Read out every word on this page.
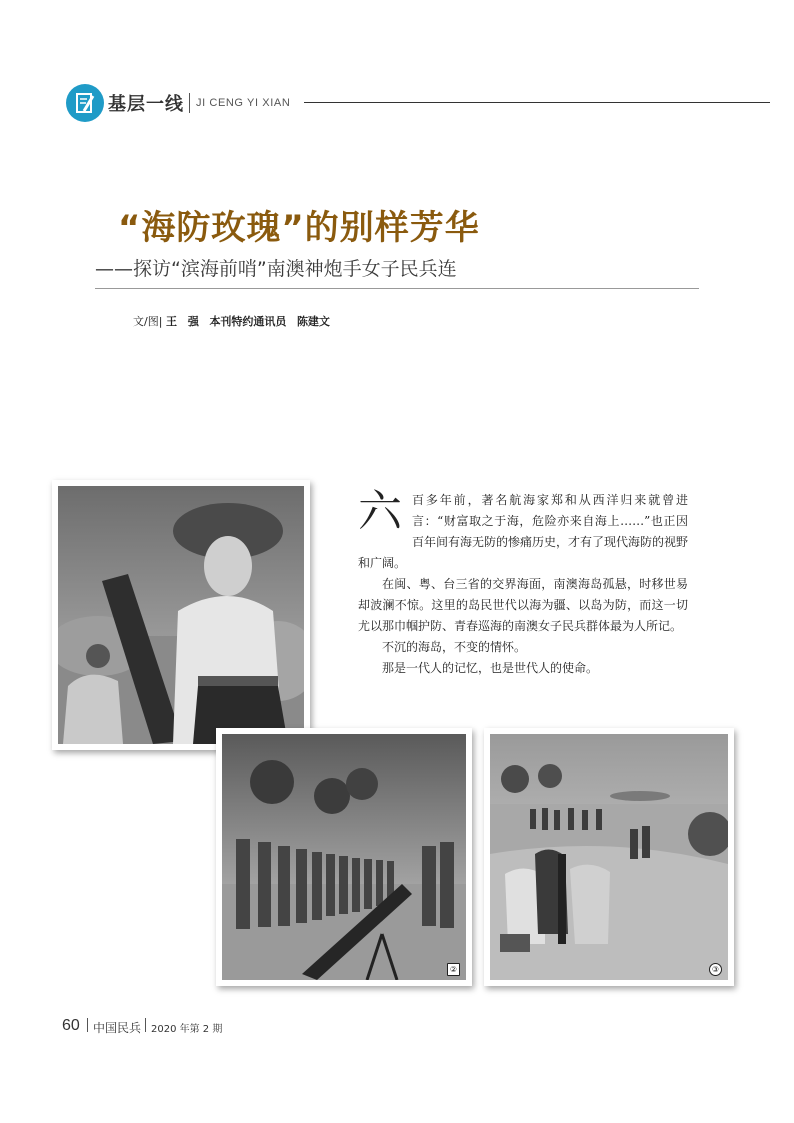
基层一线 JI CENG YI XIAN
“海防玫瑰”的别样芳华
——探访“滨海前哨”南澳神炮手女子民兵连
文/图| 王　强 本刊特约通讯员 陈建文
②	③
六 百多年前，著名航海家郑和从西洋归来就曾进言：“财富取之于海，危险亦来自海上……”也正因百年间有海无防的惨痛历史，才有了现代海防的视野和广阔。

在闽、粤、台三省的交界海面，南澳海岛孤悬，时移世易却波澜不惊。这里的岛民世代以海为疆、以岛为防，而这一切尤以那巾帼护防、青春巡海的南澳女子民兵群体最为人所记。

不沉的海岛，不变的情怀。

那是一代人的记忆，也是世代人的使命。

60 中国民兵 2020 年第 2 期
